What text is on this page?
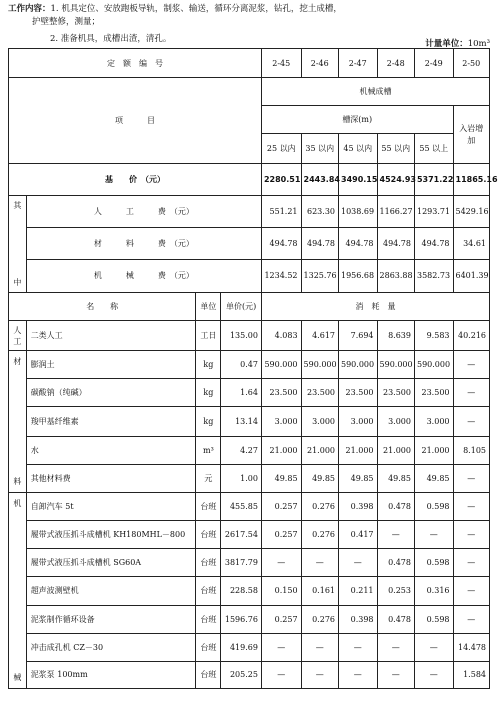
工作内容：1. 机具定位、安放跑板导轨，制浆、输送，循环分离泥浆，钻孔，挖土成槽，
护壁整修，测量；
2. 准备机具，成槽出渣，清孔。	计量单位：10m³
定　额　编　号				2-45	2-46	2-47	2-48	2-49	2-50
项　　　目				机械成槽					
				槽深(m)					入岩增加
				25 以内	35 以内	45 以内	55 以内	55 以上	
基　　价　（元）				2280.51	2443.84	3490.15	4524.93	5371.22	11865.16

其
中	人　　　工　　　费　（元）			551.21	623.30	1038.69	1166.27	1293.71	5429.16
	材　　　料　　　费　（元）			494.78	494.78	494.78	494.78	494.78	34.61
	机　　　械　　　费　（元）			1234.52	1325.76	1956.68	2863.88	3582.73	6401.39
名　　称		单位	单价(元)	消　耗　量					

人
工	二类人工	工日	135.00	4.083	4.617	7.694	8.639	9.583	40.216

材
料	膨润土	kg	0.47	590.000	590.000	590.000	590.000	590.000	—
	碳酸钠（纯碱）	kg	1.64	23.500	23.500	23.500	23.500	23.500	—
	羧甲基纤维素	kg	13.14	3.000	3.000	3.000	3.000	3.000	—
	水	m³	4.27	21.000	21.000	21.000	21.000	21.000	8.105
	其他材料费	元	1.00	49.85	49.85	49.85	49.85	49.85	—

机
械	自卸汽车 5t	台班	455.85	0.257	0.276	0.398	0.478	0.598	—
	履带式液压抓斗成槽机 KH180MHL－800	台班	2617.54	0.257	0.276	0.417	—	—	—
	履带式液压抓斗成槽机 SG60A	台班	3817.79	—	—	—	0.478	0.598	—
	超声波测壁机	台班	228.58	0.150	0.161	0.211	0.253	0.316	—
	泥浆制作循环设备	台班	1596.76	0.257	0.276	0.398	0.478	0.598	—
	冲击成孔机 CZ－30	台班	419.69	—	—	—	—	—	14.478
	泥浆泵 100mm	台班	205.25	—	—	—	—	—	1.584
